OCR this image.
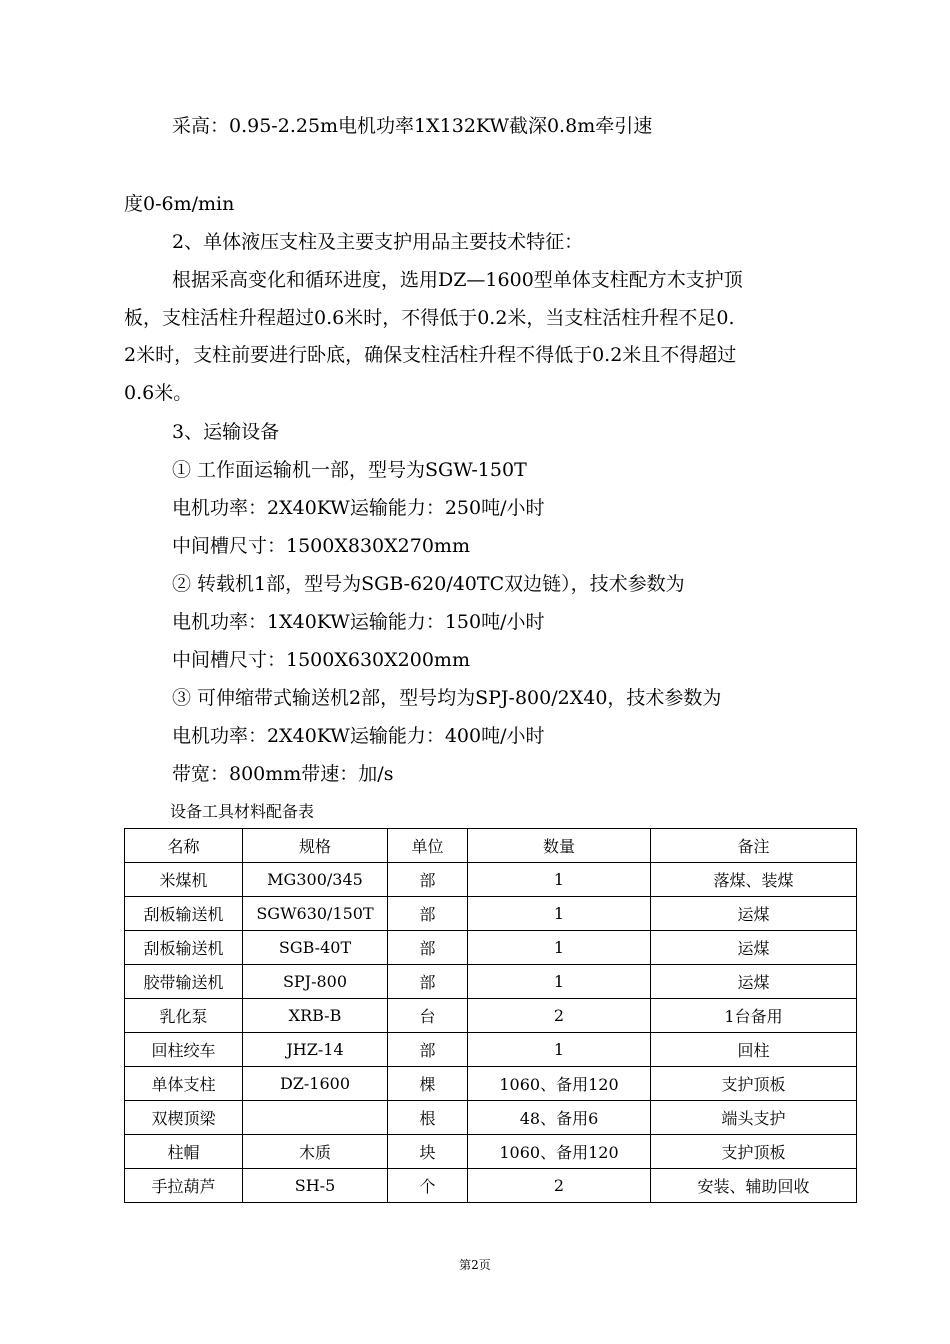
采高：0.95-2.25m电机功率1X132KW截深0.8m牵引速
度0-6m/min
2、单体液压支柱及主要支护用品主要技术特征：
根据采高变化和循环进度，选用DZ—1600型单体支柱配方木支护顶
板，支柱活柱升程超过0.6米时，不得低于0.2米，当支柱活柱升程不足0.
2米时，支柱前要进行卧底，确保支柱活柱升程不得低于0.2米且不得超过
0.6米。
3、运输设备
① 工作面运输机一部，型号为SGW-150T
电机功率：2X40KW运输能力：250吨/小时
中间槽尺寸：1500X830X270mm
② 转载机1部，型号为SGB-620/40TC双边链），技术参数为
电机功率：1X40KW运输能力：150吨/小时
中间槽尺寸：1500X630X200mm
③ 可伸缩带式输送机2部，型号均为SPJ-800/2X40，技术参数为
电机功率：2X40KW运输能力：400吨/小时
带宽：800mm带速：加/s
设备工具材料配备表
名称	规格	单位	数量	备注
米煤机	MG300/345	部	1	落煤、装煤
刮板输送机	SGW630/150T	部	1	运煤
刮板输送机	SGB-40T	部	1	运煤
胶带输送机	SPJ-800	部	1	运煤
乳化泵	XRB-B	台	2	1台备用
回柱绞车	JHZ-14	部	1	回柱
单体支柱	DZ-1600	棵	1060、备用120	支护顶板
双楔顶梁		根	48、备用6	端头支护
柱帽	木质	块	1060、备用120	支护顶板
手拉葫芦	SH-5	个	2	安装、辅助回收
第2页
